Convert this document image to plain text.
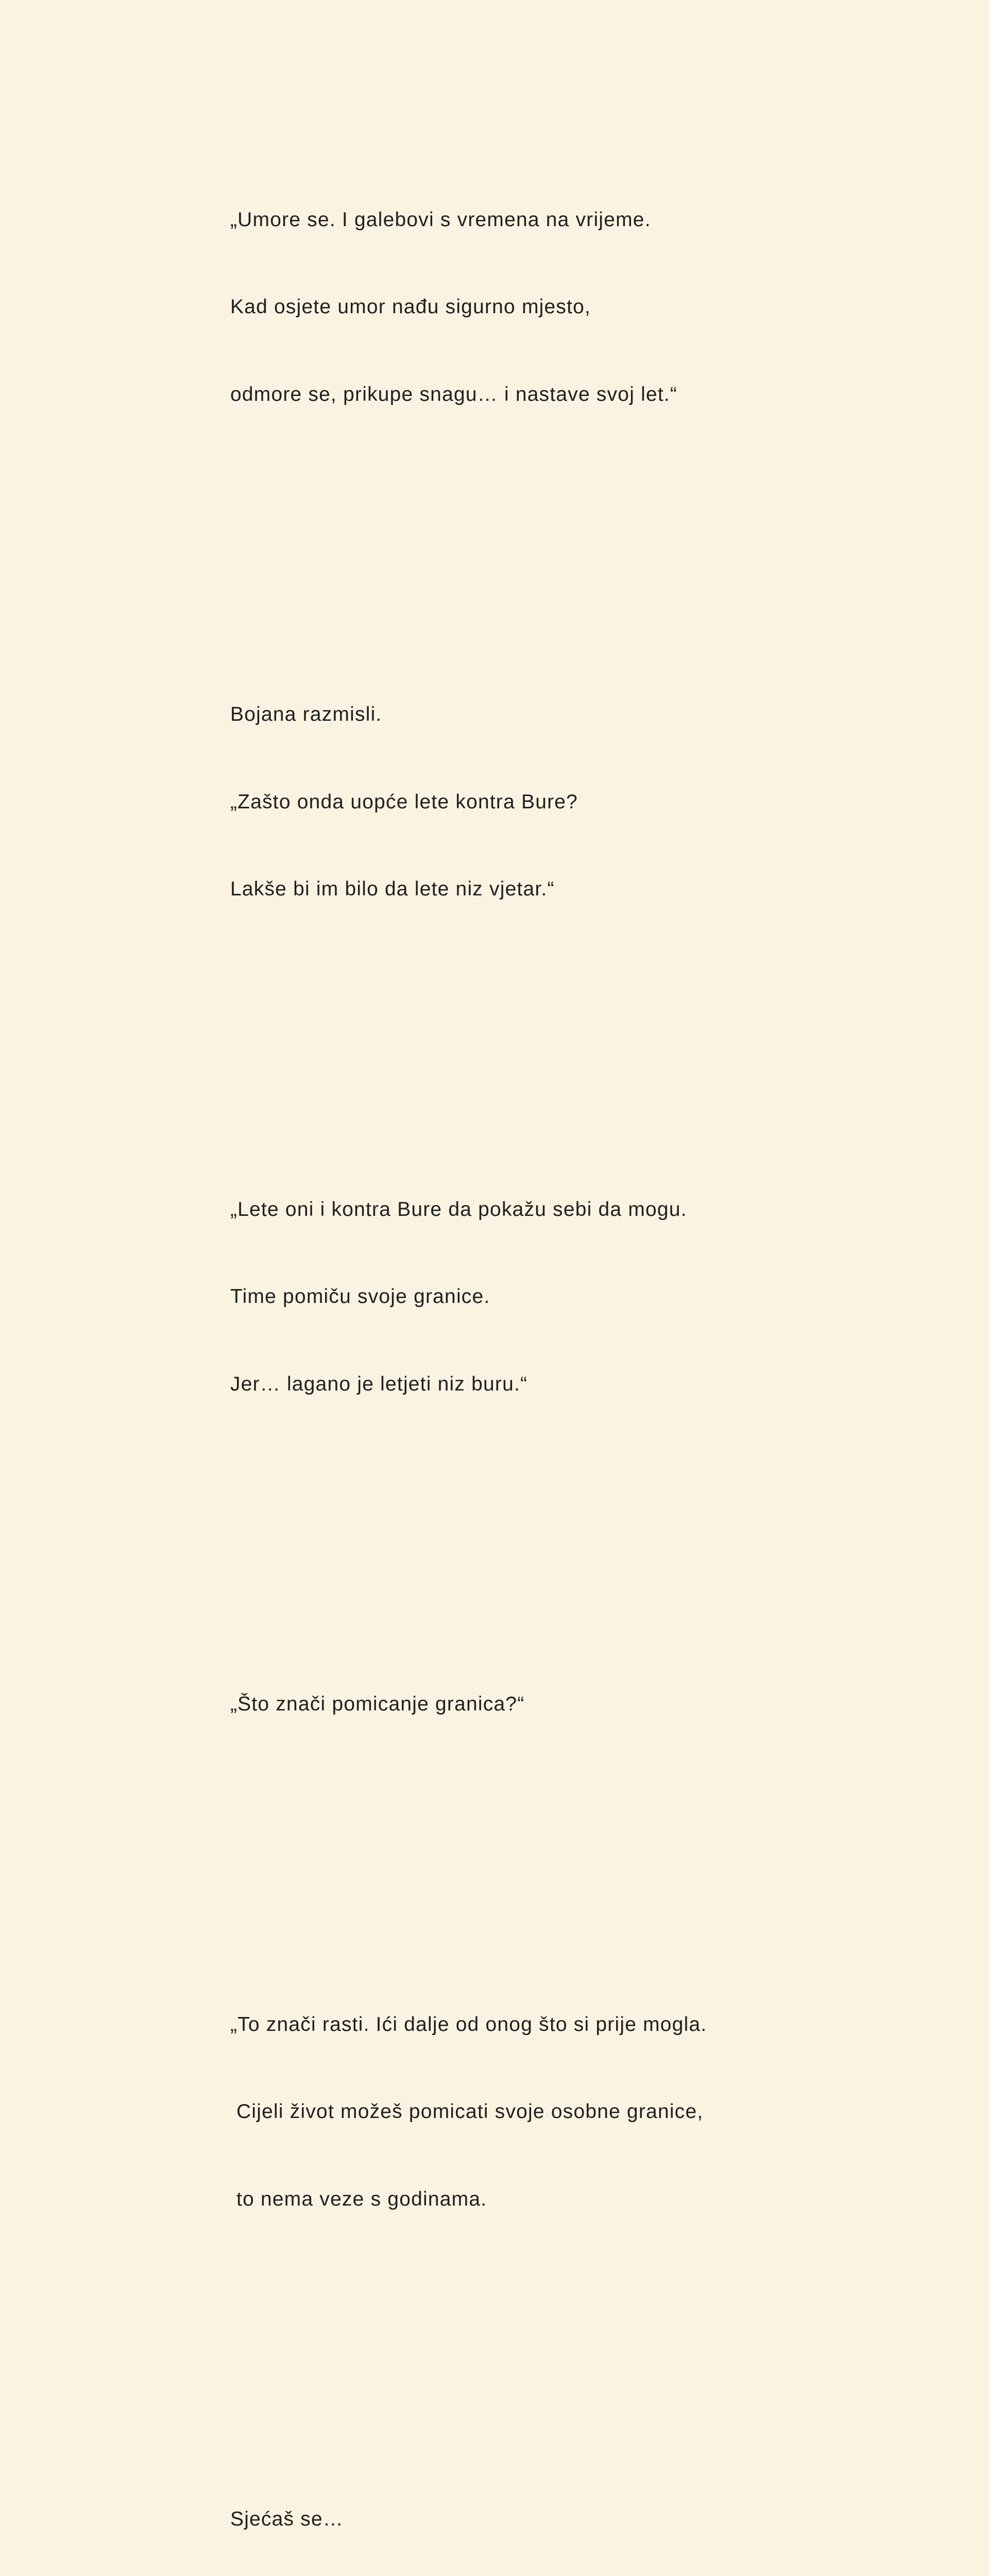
„Umore se. I galebovi s vremena na vrijeme.

Kad osjete umor nađu sigurno mjesto,

odmore se, prikupe snagu… i nastave svoj let.“

Bojana razmisli.

„Zašto onda uopće lete kontra Bure?

Lakše bi im bilo da lete niz vjetar.“

„Lete oni i kontra Bure da pokažu sebi da mogu.

Time pomiču svoje granice.

Jer… lagano je letjeti niz buru.“

„Što znači pomicanje granica?“

„To znači rasti. Ići dalje od onog što si prije mogla.

Cijeli život možeš pomicati svoje osobne granice,

to nema veze s godinama.

Sjećaš se…
